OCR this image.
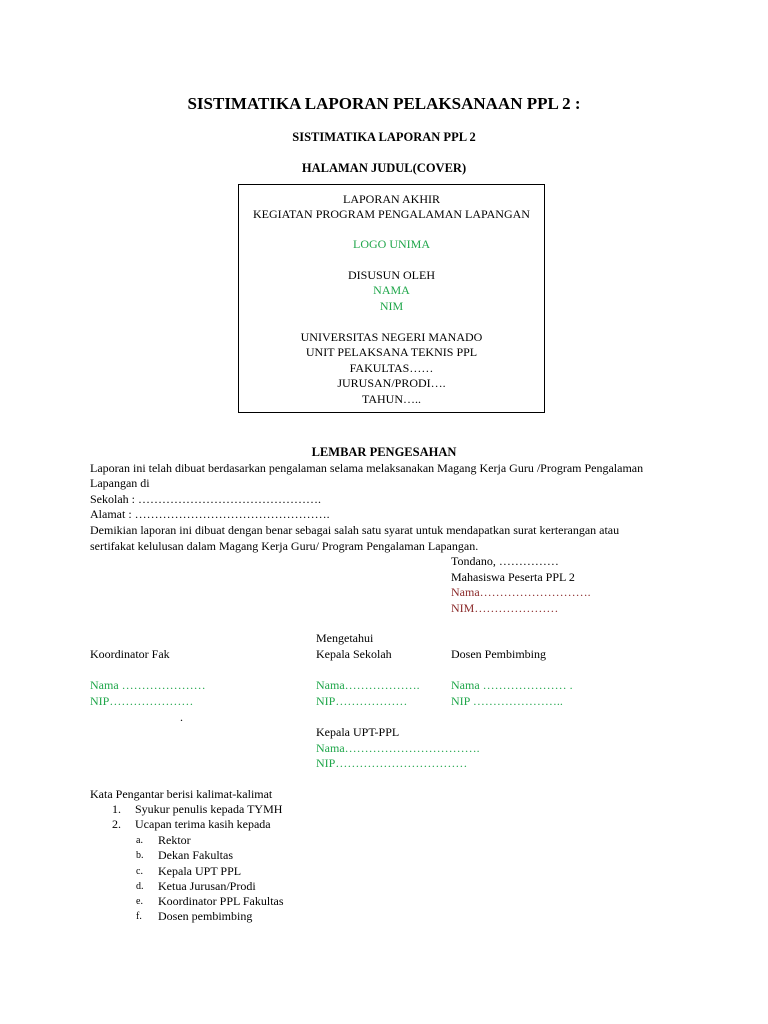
SISTIMATIKA LAPORAN PELAKSANAAN PPL 2 :
SISTIMATIKA LAPORAN PPL 2
HALAMAN JUDUL(COVER)
LAPORAN AKHIR
KEGIATAN PROGRAM PENGALAMAN LAPANGAN
LOGO UNIMA
DISUSUN OLEH
NAMA
NIM
UNIVERSITAS NEGERI MANADO
UNIT PELAKSANA TEKNIS PPL
FAKULTAS……
JURUSAN/PRODI….
TAHUN…..
LEMBAR PENGESAHAN
Laporan ini telah dibuat berdasarkan pengalaman selama melaksanakan Magang Kerja Guru /Program Pengalaman
Lapangan di
Sekolah : ……………………………………….
Alamat : ………………………………………….
Demikian laporan ini dibuat dengan benar sebagai salah satu syarat untuk mendapatkan surat kerterangan atau
sertifakat kelulusan dalam Magang Kerja Guru/ Program Pengalaman Lapangan.
Tondano, ……………
Mahasiswa Peserta PPL 2
Nama……………………….
NIM…………………
Mengetahui
Koordinator Fak	Kepala Sekolah	Dosen Pembimbing
Nama …………………	Nama……………….	Nama ………………… .
NIP…………………	NIP………………	NIP …………………..
.
Kepala UPT-PPL
Nama…………………………….
NIP……………………………
Kata Pengantar berisi kalimat-kalimat
1. Syukur penulis kepada TYMH
2. Ucapan terima kasih kepada
a. Rektor
b. Dekan Fakultas
c. Kepala UPT PPL
d. Ketua Jurusan/Prodi
e. Koordinator PPL Fakultas
f. Dosen pembimbing
